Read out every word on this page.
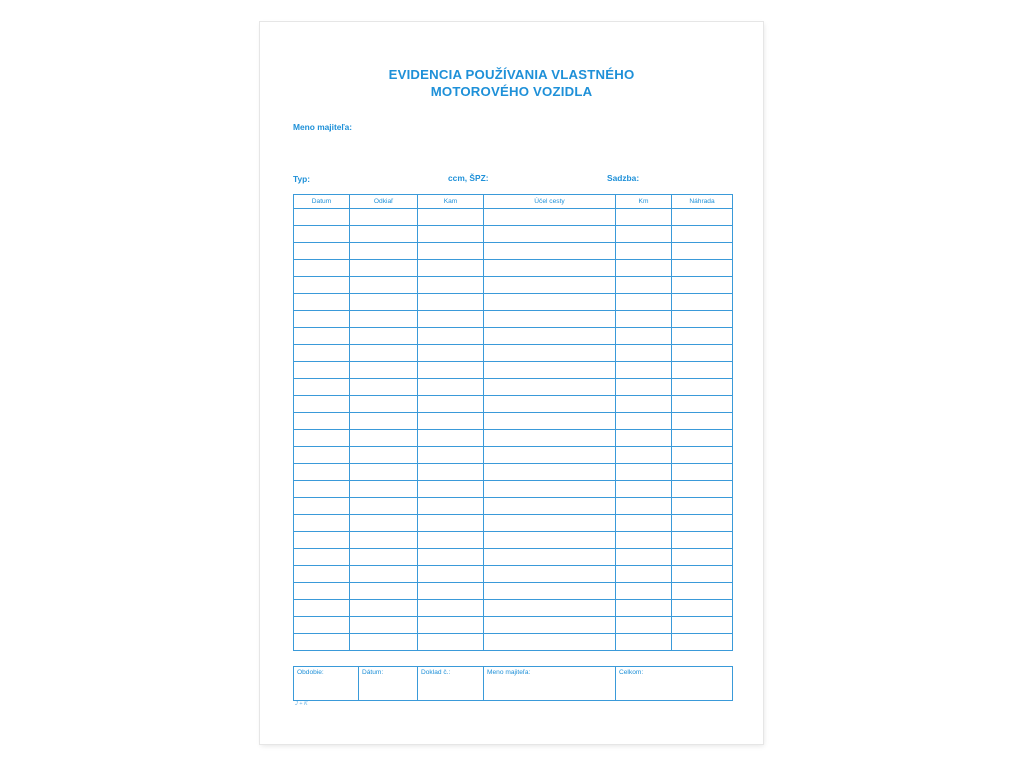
EVIDENCIA POUŽÍVANIA VLASTNÉHO
MOTOROVÉHO VOZIDLA
Meno majiteľa:
Typ:	ccm, ŠPZ:	Sadzba:
Datum	Odkiaľ	Kam	Účel cesty	Km	Náhrada

Obdobie:	Dátum:	Doklad č.:	Meno majiteľa:	Celkom:
J + K
